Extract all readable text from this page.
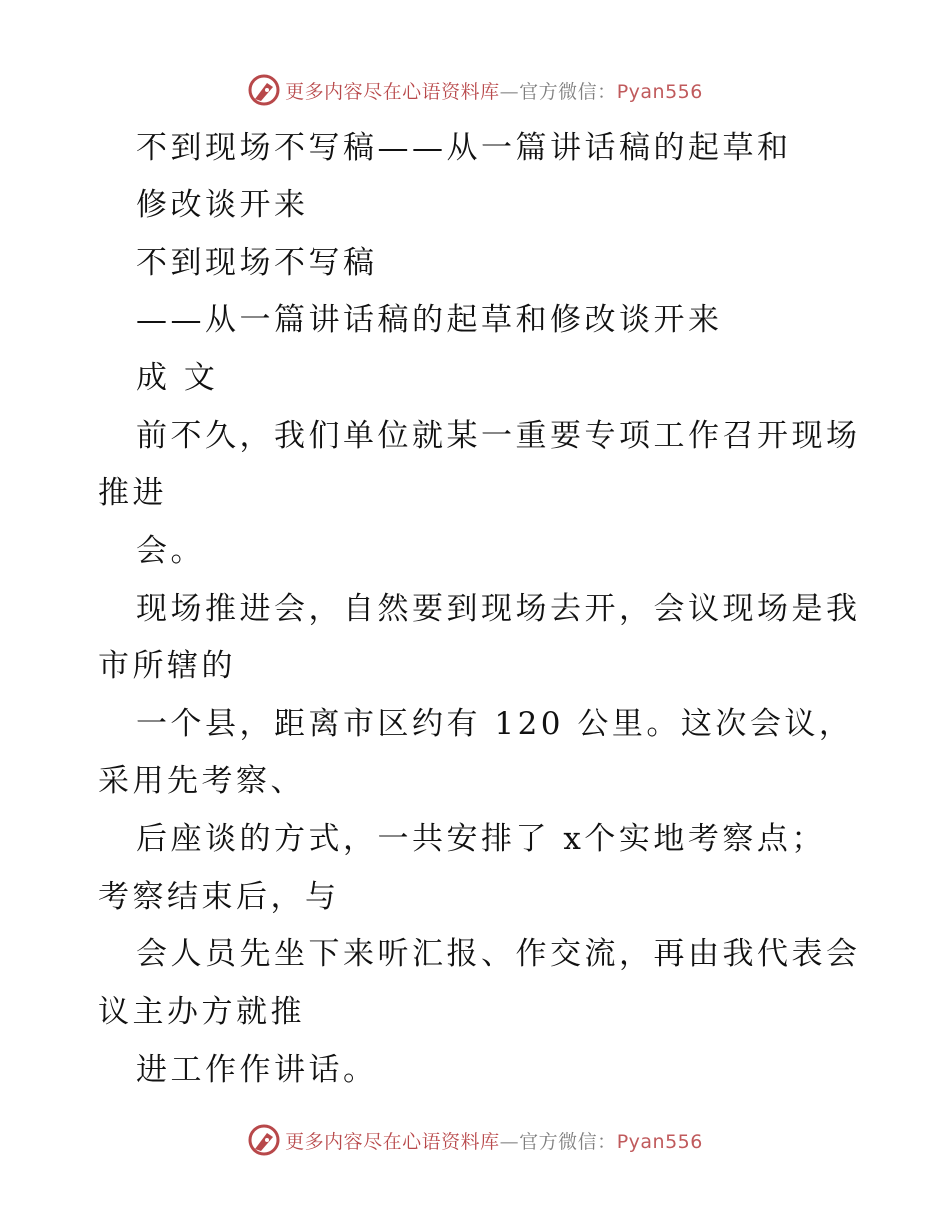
更多内容尽在心语资料库—官方微信：Pyan556
不到现场不写稿——从一篇讲话稿的起草和
修改谈开来
不到现场不写稿
——从一篇讲话稿的起草和修改谈开来
成 文
前不久，我们单位就某一重要专项工作召开现场
推进
会。
现场推进会，自然要到现场去开，会议现场是我
市所辖的
一个县，距离市区约有 120 公里。这次会议，
采用先考察、
后座谈的方式，一共安排了 x个实地考察点；
考察结束后，与
会人员先坐下来听汇报、作交流，再由我代表会
议主办方就推
进工作作讲话。
更多内容尽在心语资料库—官方微信：Pyan556
